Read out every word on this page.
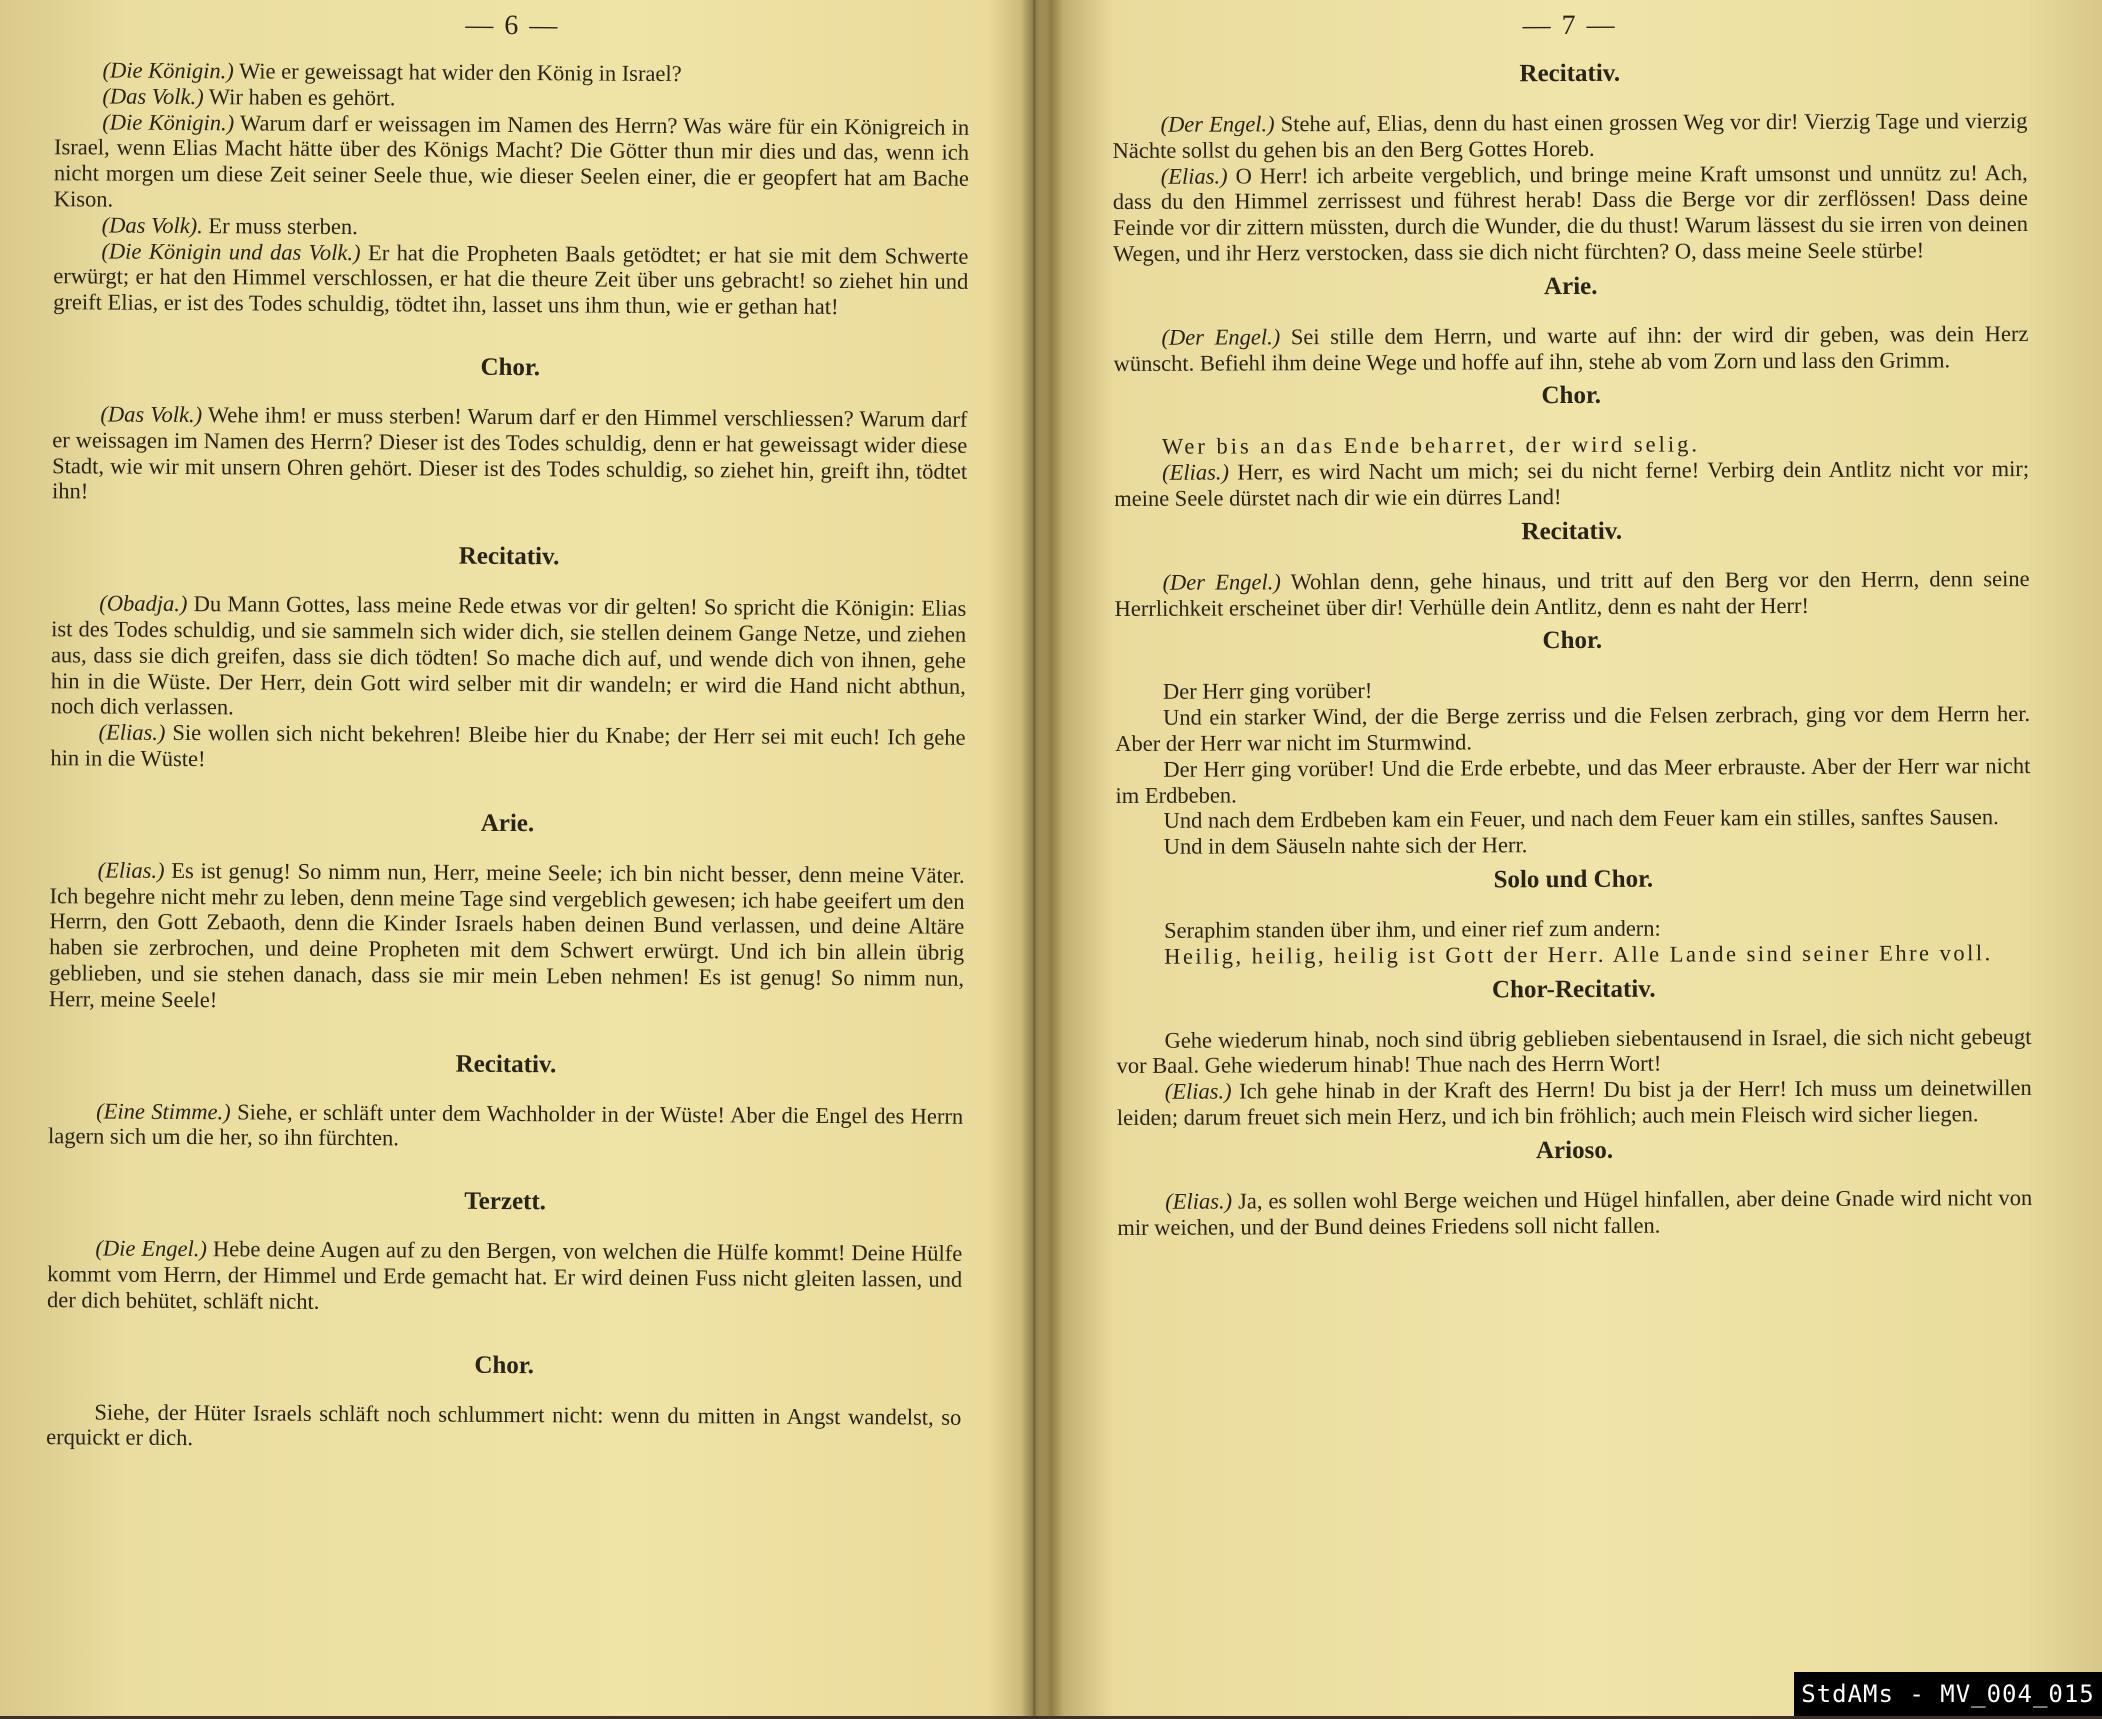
— 6 —

(Die Königin.) Wie er geweissagt hat wider den König in Israel?

(Das Volk.) Wir haben es gehört.

(Die Königin.) Warum darf er weissagen im Namen des Herrn? Was wäre für ein Königreich in Israel, wenn Elias Macht hätte über des Königs Macht? Die Götter thun mir dies und das, wenn ich nicht morgen um diese Zeit seiner Seele thue, wie dieser Seelen einer, die er geopfert hat am Bache Kison.

(Das Volk). Er muss sterben.

(Die Königin und das Volk.) Er hat die Propheten Baals getödtet; er hat sie mit dem Schwerte erwürgt; er hat den Himmel verschlossen, er hat die theure Zeit über uns gebracht! so ziehet hin und greift Elias, er ist des Todes schuldig, tödtet ihn, lasset uns ihm thun, wie er gethan hat!

Chor.

(Das Volk.) Wehe ihm! er muss sterben! Warum darf er den Himmel verschliessen? Warum darf er weissagen im Namen des Herrn? Dieser ist des Todes schuldig, denn er hat geweissagt wider diese Stadt, wie wir mit unsern Ohren gehört. Dieser ist des Todes schuldig, so ziehet hin, greift ihn, tödtet ihn!

Recitativ.

(Obadja.) Du Mann Gottes, lass meine Rede etwas vor dir gelten! So spricht die Königin: Elias ist des Todes schuldig, und sie sammeln sich wider dich, sie stellen deinem Gange Netze, und ziehen aus, dass sie dich greifen, dass sie dich tödten! So mache dich auf, und wende dich von ihnen, gehe hin in die Wüste. Der Herr, dein Gott wird selber mit dir wandeln; er wird die Hand nicht abthun, noch dich verlassen.

(Elias.) Sie wollen sich nicht bekehren! Bleibe hier du Knabe; der Herr sei mit euch! Ich gehe hin in die Wüste!

Arie.

(Elias.) Es ist genug! So nimm nun, Herr, meine Seele; ich bin nicht besser, denn meine Väter. Ich begehre nicht mehr zu leben, denn meine Tage sind vergeblich gewesen; ich habe geeifert um den Herrn, den Gott Zebaoth, denn die Kinder Israels haben deinen Bund verlassen, und deine Altäre haben sie zerbrochen, und deine Propheten mit dem Schwert erwürgt. Und ich bin allein übrig geblieben, und sie stehen danach, dass sie mir mein Leben nehmen! Es ist genug! So nimm nun, Herr, meine Seele!

Recitativ.

(Eine Stimme.) Siehe, er schläft unter dem Wachholder in der Wüste! Aber die Engel des Herrn lagern sich um die her, so ihn fürchten.

Terzett.

(Die Engel.) Hebe deine Augen auf zu den Bergen, von welchen die Hülfe kommt! Deine Hülfe kommt vom Herrn, der Himmel und Erde gemacht hat. Er wird deinen Fuss nicht gleiten lassen, und der dich behütet, schläft nicht.

Chor.

Siehe, der Hüter Israels schläft noch schlummert nicht: wenn du mitten in Angst wandelst, so erquickt er dich.

— 7 —
Recitativ.

(Der Engel.) Stehe auf, Elias, denn du hast einen grossen Weg vor dir! Vierzig Tage und vierzig Nächte sollst du gehen bis an den Berg Gottes Horeb.

(Elias.) O Herr! ich arbeite vergeblich, und bringe meine Kraft umsonst und unnütz zu! Ach, dass du den Himmel zerrissest und führest herab! Dass die Berge vor dir zerflössen! Dass deine Feinde vor dir zittern müssten, durch die Wunder, die du thust! Warum lässest du sie irren von deinen Wegen, und ihr Herz verstocken, dass sie dich nicht fürchten? O, dass meine Seele stürbe!

Arie.

(Der Engel.) Sei stille dem Herrn, und warte auf ihn: der wird dir geben, was dein Herz wünscht. Befiehl ihm deine Wege und hoffe auf ihn, stehe ab vom Zorn und lass den Grimm.

Chor.

Wer bis an das Ende beharret, der wird selig.

(Elias.) Herr, es wird Nacht um mich; sei du nicht ferne! Verbirg dein Antlitz nicht vor mir; meine Seele dürstet nach dir wie ein dürres Land!

Recitativ.

(Der Engel.) Wohlan denn, gehe hinaus, und tritt auf den Berg vor den Herrn, denn seine Herrlichkeit erscheinet über dir! Verhülle dein Antlitz, denn es naht der Herr!

Chor.

Der Herr ging vorüber!

Und ein starker Wind, der die Berge zerriss und die Felsen zerbrach, ging vor dem Herrn her. Aber der Herr war nicht im Sturmwind.

Der Herr ging vorüber! Und die Erde erbebte, und das Meer erbrauste. Aber der Herr war nicht im Erdbeben.

Und nach dem Erdbeben kam ein Feuer, und nach dem Feuer kam ein stilles, sanftes Sausen.

Und in dem Säuseln nahte sich der Herr.

Solo und Chor.

Seraphim standen über ihm, und einer rief zum andern:

Heilig, heilig, heilig ist Gott der Herr. Alle Lande sind seiner Ehre voll.

Chor-Recitativ.

Gehe wiederum hinab, noch sind übrig geblieben siebentausend in Israel, die sich nicht gebeugt vor Baal. Gehe wiederum hinab! Thue nach des Herrn Wort!

(Elias.) Ich gehe hinab in der Kraft des Herrn! Du bist ja der Herr! Ich muss um deinetwillen leiden; darum freuet sich mein Herz, und ich bin fröhlich; auch mein Fleisch wird sicher liegen.

Arioso.

(Elias.) Ja, es sollen wohl Berge weichen und Hügel hinfallen, aber deine Gnade wird nicht von mir weichen, und der Bund deines Friedens soll nicht fallen.

StdAMs - MV_004_015
